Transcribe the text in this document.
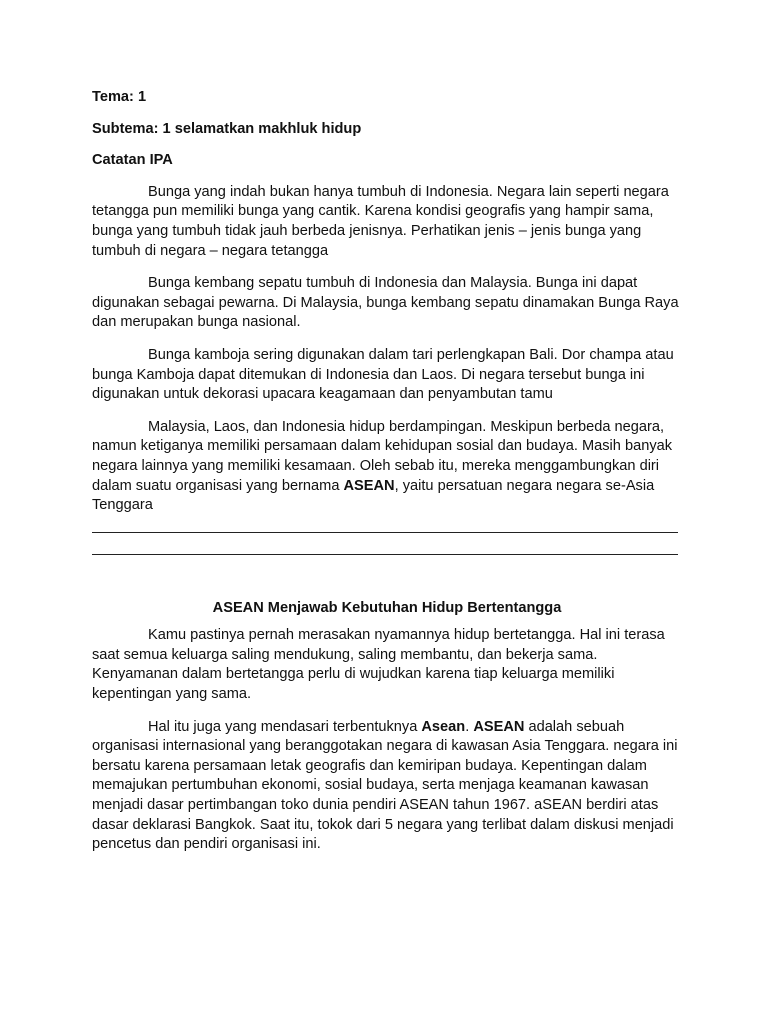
Tema: 1

Subtema: 1 selamatkan makhluk hidup

Catatan IPA

Bunga yang indah bukan hanya tumbuh di Indonesia. Negara lain seperti negara tetangga pun memiliki bunga yang cantik. Karena kondisi geografis yang hampir sama, bunga yang tumbuh tidak jauh berbeda jenisnya. Perhatikan jenis – jenis bunga yang tumbuh di negara – negara tetangga

Bunga kembang sepatu tumbuh di Indonesia dan Malaysia. Bunga ini dapat digunakan sebagai pewarna. Di Malaysia, bunga kembang sepatu dinamakan Bunga Raya dan merupakan bunga nasional.

Bunga kamboja sering digunakan dalam tari perlengkapan Bali. Dor champa atau bunga Kamboja dapat ditemukan di Indonesia dan Laos. Di negara tersebut bunga ini digunakan untuk dekorasi upacara keagamaan dan penyambutan tamu

Malaysia, Laos, dan Indonesia hidup berdampingan. Meskipun berbeda negara, namun ketiganya memiliki persamaan dalam kehidupan sosial dan budaya. Masih banyak negara lainnya yang memiliki kesamaan. Oleh sebab itu, mereka menggambungkan diri dalam suatu organisasi yang bernama ASEAN, yaitu persatuan negara negara se-Asia Tenggara

ASEAN Menjawab Kebutuhan Hidup Bertentangga

Kamu pastinya pernah merasakan nyamannya hidup bertetangga. Hal ini terasa saat semua keluarga saling mendukung, saling membantu, dan bekerja sama. Kenyamanan dalam bertetangga perlu di wujudkan karena tiap keluarga memiliki kepentingan yang sama.

Hal itu juga yang mendasari terbentuknya Asean. ASEAN adalah sebuah organisasi internasional yang beranggotakan negara di kawasan Asia Tenggara. negara ini bersatu karena persamaan letak geografis dan kemiripan budaya. Kepentingan dalam memajukan pertumbuhan ekonomi, sosial budaya, serta menjaga keamanan kawasan menjadi dasar pertimbangan toko dunia pendiri ASEAN tahun 1967. aSEAN berdiri atas dasar deklarasi Bangkok. Saat itu, tokok dari 5 negara yang terlibat dalam diskusi menjadi pencetus dan pendiri organisasi ini.
